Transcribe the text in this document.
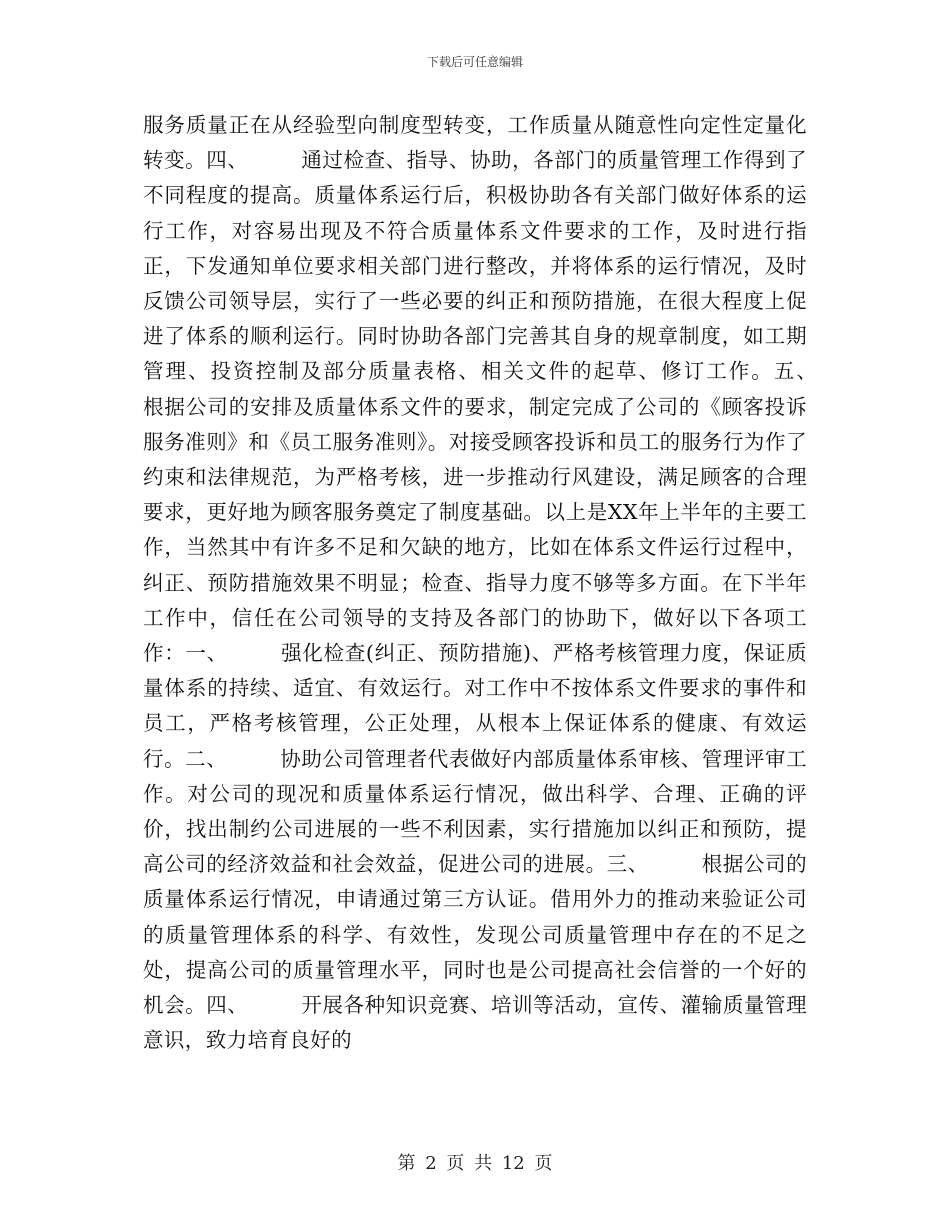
下载后可任意编辑

服务质量正在从经验型向制度型转变，工作质量从随意性向定性定量化转变。四、　　　通过检查、指导、协助，各部门的质量管理工作得到了不同程度的提高。质量体系运行后，积极协助各有关部门做好体系的运行工作，对容易出现及不符合质量体系文件要求的工作，及时进行指正，下发通知单位要求相关部门进行整改，并将体系的运行情况，及时反馈公司领导层，实行了一些必要的纠正和预防措施，在很大程度上促进了体系的顺利运行。同时协助各部门完善其自身的规章制度，如工期管理、投资控制及部分质量表格、相关文件的起草、修订工作。五、　　　根据公司的安排及质量体系文件的要求，制定完成了公司的《顾客投诉服务准则》和《员工服务准则》。对接受顾客投诉和员工的服务行为作了约束和法律规范，为严格考核，进一步推动行风建设，满足顾客的合理要求，更好地为顾客服务奠定了制度基础。以上是XX年上半年的主要工作，当然其中有许多不足和欠缺的地方，比如在体系文件运行过程中，纠正、预防措施效果不明显；检查、指导力度不够等多方面。在下半年工作中，信任在公司领导的支持及各部门的协助下，做好以下各项工作：一、　　　强化检查(纠正、预防措施)、严格考核管理力度，保证质量体系的持续、适宜、有效运行。对工作中不按体系文件要求的事件和员工，严格考核管理，公正处理，从根本上保证体系的健康、有效运行。二、　　　协助公司管理者代表做好内部质量体系审核、管理评审工作。对公司的现况和质量体系运行情况，做出科学、合理、正确的评价，找出制约公司进展的一些不利因素，实行措施加以纠正和预防，提高公司的经济效益和社会效益，促进公司的进展。三、　　　根据公司的质量体系运行情况，申请通过第三方认证。借用外力的推动来验证公司的质量管理体系的科学、有效性，发现公司质量管理中存在的不足之处，提高公司的质量管理水平，同时也是公司提高社会信誉的一个好的机会。四、　　　开展各种知识竞赛、培训等活动，宣传、灌输质量管理意识，致力培育良好的

第 2 页 共 12 页
